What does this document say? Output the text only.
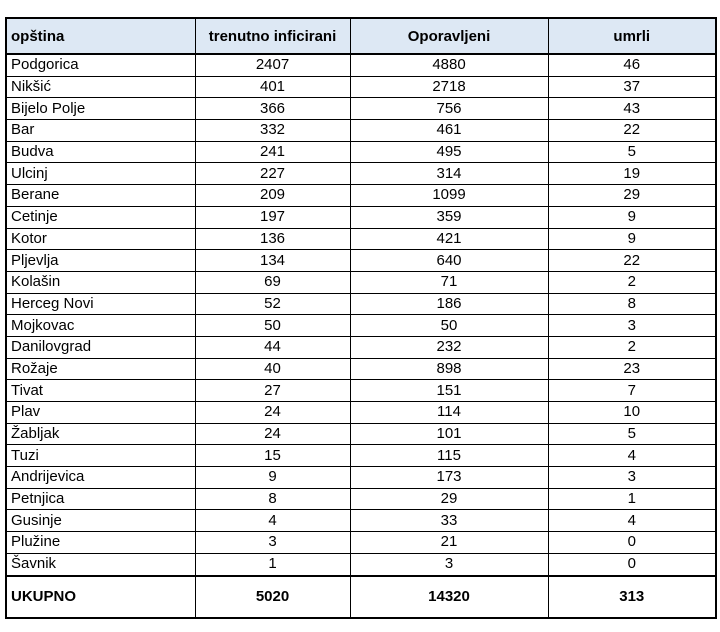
opština	trenutno inficirani	Oporavljeni	umrli
Podgorica	2407	4880	46
Nikšić	401	2718	37
Bijelo Polje	366	756	43
Bar	332	461	22
Budva	241	495	5
Ulcinj	227	314	19
Berane	209	1099	29
Cetinje	197	359	9
Kotor	136	421	9
Pljevlja	134	640	22
Kolašin	69	71	2
Herceg Novi	52	186	8
Mojkovac	50	50	3
Danilovgrad	44	232	2
Rožaje	40	898	23
Tivat	27	151	7
Plav	24	114	10
Žabljak	24	101	5
Tuzi	15	115	4
Andrijevica	9	173	3
Petnjica	8	29	1
Gusinje	4	33	4
Plužine	3	21	0
Šavnik	1	3	0
UKUPNO	5020	14320	313
